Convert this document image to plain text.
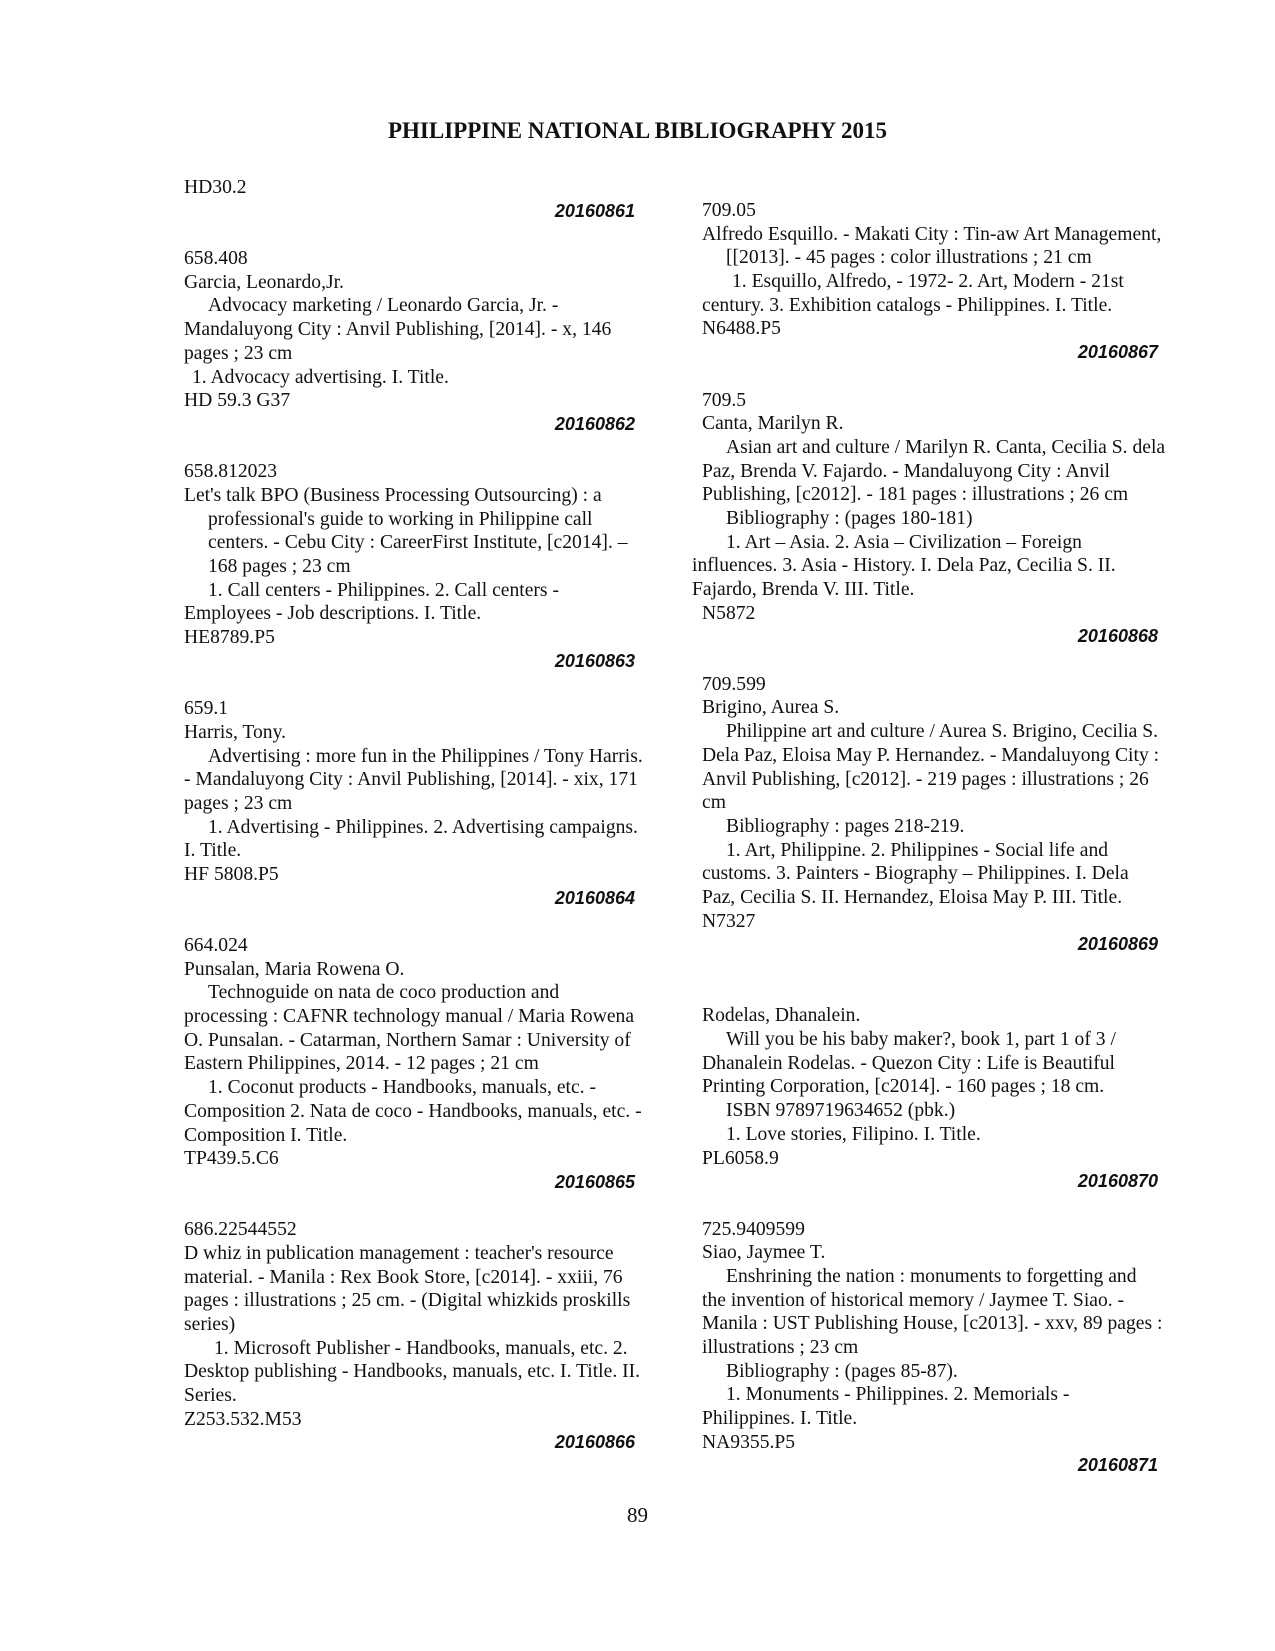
PHILIPPINE NATIONAL BIBLIOGRAPHY 2015
HD30.2
20160861
658.408
Garcia, Leonardo,Jr.
Advocacy marketing / Leonardo Garcia, Jr. -
Mandaluyong City : Anvil Publishing, [2014]. - x, 146
pages ; 23 cm
1. Advocacy advertising. I. Title.
HD 59.3 G37
20160862
658.812023
Let's talk BPO (Business Processing Outsourcing) : a
professional's guide to working in Philippine call
centers. - Cebu City : CareerFirst Institute, [c2014]. –
168 pages ; 23 cm
1. Call centers - Philippines. 2. Call centers -
Employees - Job descriptions. I. Title.
HE8789.P5
20160863
659.1
Harris, Tony.
Advertising : more fun in the Philippines / Tony Harris.
- Mandaluyong City : Anvil Publishing, [2014]. - xix, 171
pages ; 23 cm
1. Advertising - Philippines. 2. Advertising campaigns.
I. Title.
HF 5808.P5
20160864
664.024
Punsalan, Maria Rowena O.
Technoguide on nata de coco production and
processing : CAFNR technology manual / Maria Rowena
O. Punsalan. - Catarman, Northern Samar : University of
Eastern Philippines, 2014. - 12 pages ; 21 cm
1. Coconut products - Handbooks, manuals, etc. -
Composition 2. Nata de coco - Handbooks, manuals, etc. -
Composition I. Title.
TP439.5.C6
20160865
686.22544552
D whiz in publication management : teacher's resource
material. - Manila : Rex Book Store, [c2014]. - xxiii, 76
pages : illustrations ; 25 cm. - (Digital whizkids proskills
series)
1. Microsoft Publisher - Handbooks, manuals, etc. 2.
Desktop publishing - Handbooks, manuals, etc. I. Title. II.
Series.
Z253.532.M53
20160866
709.05
Alfredo Esquillo. - Makati City : Tin-aw Art Management,
[[2013]. - 45 pages : color illustrations ; 21 cm
1. Esquillo, Alfredo, - 1972- 2. Art, Modern - 21st
century. 3. Exhibition catalogs - Philippines. I. Title.
N6488.P5
20160867
709.5
Canta, Marilyn R.
Asian art and culture / Marilyn R. Canta, Cecilia S. dela
Paz, Brenda V. Fajardo. - Mandaluyong City : Anvil
Publishing, [c2012]. - 181 pages : illustrations ; 26 cm
Bibliography : (pages 180-181)
1. Art – Asia. 2. Asia – Civilization – Foreign
influences. 3. Asia - History. I. Dela Paz, Cecilia S. II.
Fajardo, Brenda V. III. Title.
N5872
20160868
709.599
Brigino, Aurea S.
Philippine art and culture / Aurea S. Brigino, Cecilia S.
Dela Paz, Eloisa May P. Hernandez. - Mandaluyong City :
Anvil Publishing, [c2012]. - 219 pages : illustrations ; 26
cm
Bibliography : pages 218-219.
1. Art, Philippine. 2. Philippines - Social life and
customs. 3. Painters - Biography – Philippines. I. Dela
Paz, Cecilia S. II. Hernandez, Eloisa May P. III. Title.
N7327
20160869
Rodelas, Dhanalein.
Will you be his baby maker?, book 1, part 1 of 3 /
Dhanalein Rodelas. - Quezon City : Life is Beautiful
Printing Corporation, [c2014]. - 160 pages ; 18 cm.
ISBN 9789719634652 (pbk.)
1. Love stories, Filipino. I. Title.
PL6058.9
20160870
725.9409599
Siao, Jaymee T.
Enshrining the nation : monuments to forgetting and
the invention of historical memory / Jaymee T. Siao. -
Manila : UST Publishing House, [c2013]. - xxv, 89 pages :
illustrations ; 23 cm
Bibliography : (pages 85-87).
1. Monuments - Philippines. 2. Memorials -
Philippines. I. Title.
NA9355.P5
20160871
89
